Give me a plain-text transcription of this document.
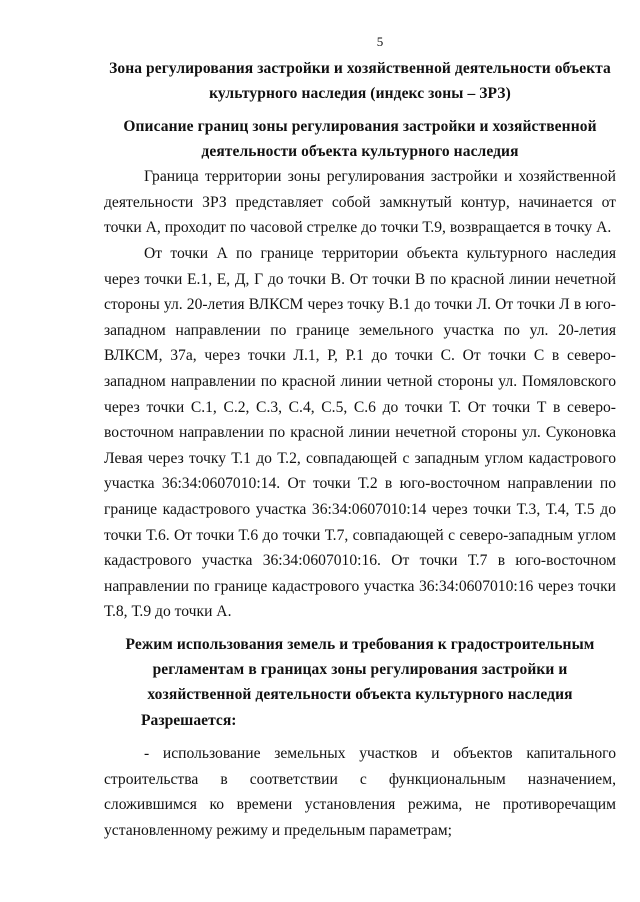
5
Зона регулирования застройки и хозяйственной деятельности объекта культурного наследия (индекс зоны – ЗРЗ)
Описание границ зоны регулирования застройки и хозяйственной деятельности объекта культурного наследия

Граница территории зоны регулирования застройки и хозяйственной деятельности ЗРЗ представляет собой замкнутый контур, начинается от точки А, проходит по часовой стрелке до точки Т.9, возвращается в точку А.

От точки А по границе территории объекта культурного наследия через точки Е.1, Е, Д, Г до точки В. От точки В по красной линии нечетной стороны ул. 20-летия ВЛКСМ через точку В.1 до точки Л. От точки Л в юго-западном направлении по границе земельного участка по ул. 20-летия ВЛКСМ, 37а, через точки Л.1, Р, Р.1 до точки С. От точки С в северо-западном направлении по красной линии четной стороны ул. Помяловского через точки С.1, С.2, С.3, С.4, С.5, С.6 до точки Т. От точки Т в северо-восточном направлении по красной линии нечетной стороны ул. Суконовка Левая через точку Т.1 до Т.2, совпадающей с западным углом кадастрового участка 36:34:0607010:14. От точки Т.2 в юго-восточном направлении по границе кадастрового участка 36:34:0607010:14 через точки Т.3, Т.4, Т.5 до точки Т.6. От точки Т.6 до точки Т.7, совпадающей с северо-западным углом кадастрового участка 36:34:0607010:16. От точки Т.7 в юго-восточном направлении по границе кадастрового участка 36:34:0607010:16 через точки Т.8, Т.9 до точки А.

Режим использования земель и требования к градостроительным регламентам в границах зоны регулирования застройки и хозяйственной деятельности объекта культурного наследия
Разрешается:

- использование земельных участков и объектов капитального строительства в соответствии с функциональным назначением, сложившимся ко времени установления режима, не противоречащим установленному режиму и предельным параметрам;
